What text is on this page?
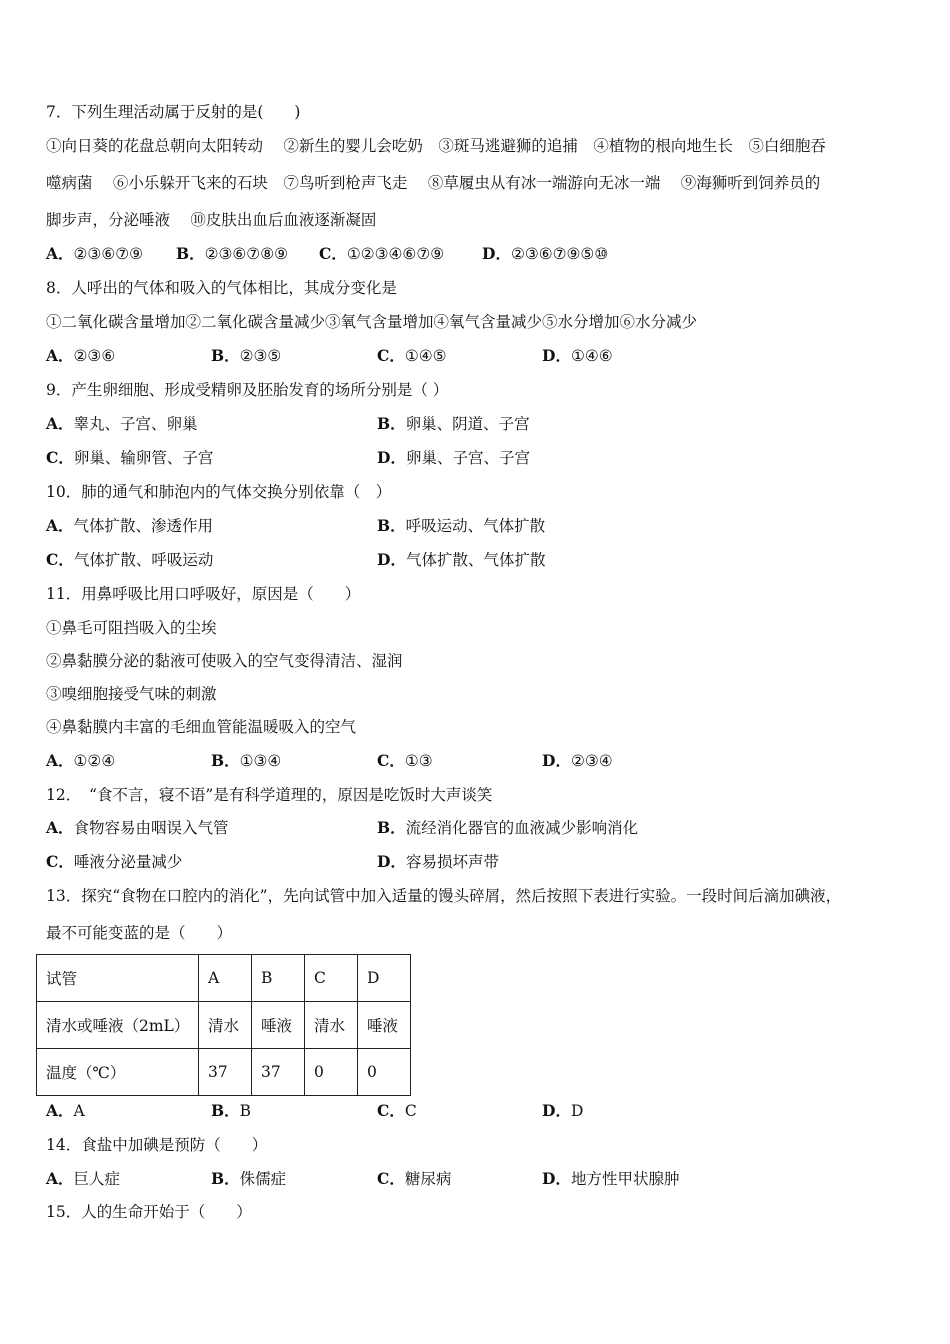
7．下列生理活动属于反射的是(　　)
①向日葵的花盘总朝向太阳转动　 ②新生的婴儿会吃奶　③斑马逃避狮的追捕　④植物的根向地生长　⑤白细胞吞
噬病菌　 ⑥小乐躲开飞来的石块　⑦鸟听到枪声飞走　 ⑧草履虫从有冰一端游向无冰一端　 ⑨海狮听到饲养员的
脚步声，分泌唾液　 ⑩皮肤出血后血液逐渐凝固
A．②③⑥⑦⑨ B．②③⑥⑦⑧⑨ C．①②③④⑥⑦⑨ D．②③⑥⑦⑨⑤⑩
8．人呼出的气体和吸入的气体相比，其成分变化是
①二氧化碳含量增加②二氧化碳含量减少③氧气含量增加④氧气含量减少⑤水分增加⑥水分减少
A．②③⑥	B．②③⑤	C．①④⑤	D．①④⑥
9．产生卵细胞、形成受精卵及胚胎发育的场所分别是（ ）
A．睾丸、子宫、卵巢	B．卵巢、阴道、子宫
C．卵巢、输卵管、子宫	D．卵巢、子宫、子宫
10．肺的通气和肺泡内的气体交换分别依靠（　）
A．气体扩散、渗透作用	B．呼吸运动、气体扩散
C．气体扩散、呼吸运动	D．气体扩散、气体扩散
11．用鼻呼吸比用口呼吸好，原因是（　　）
①鼻毛可阻挡吸入的尘埃
②鼻黏膜分泌的黏液可使吸入的空气变得清洁、湿润
③嗅细胞接受气味的刺激
④鼻黏膜内丰富的毛细血管能温暖吸入的空气
A．①②④	B．①③④	C．①③	D．②③④
12．　“食不言，寝不语”是有科学道理的，原因是吃饭时大声谈笑
A．食物容易由咽误入气管	B．流经消化器官的血液减少影响消化
C．唾液分泌量减少	D．容易损坏声带
13．探究“食物在口腔内的消化”，先向试管中加入适量的馒头碎屑，然后按照下表进行实验。一段时间后滴加碘液，
最不可能变蓝的是（　　）
试管	A	B	C	D
清水或唾液（2mL）	清水	唾液	清水	唾液
温度（℃）	37	37	0	0
A．A	B．B	C．C	D．D
14．食盐中加碘是预防（　　）
A．巨人症	B．侏儒症	C．糖尿病	D．地方性甲状腺肿
15．人的生命开始于（　　）
